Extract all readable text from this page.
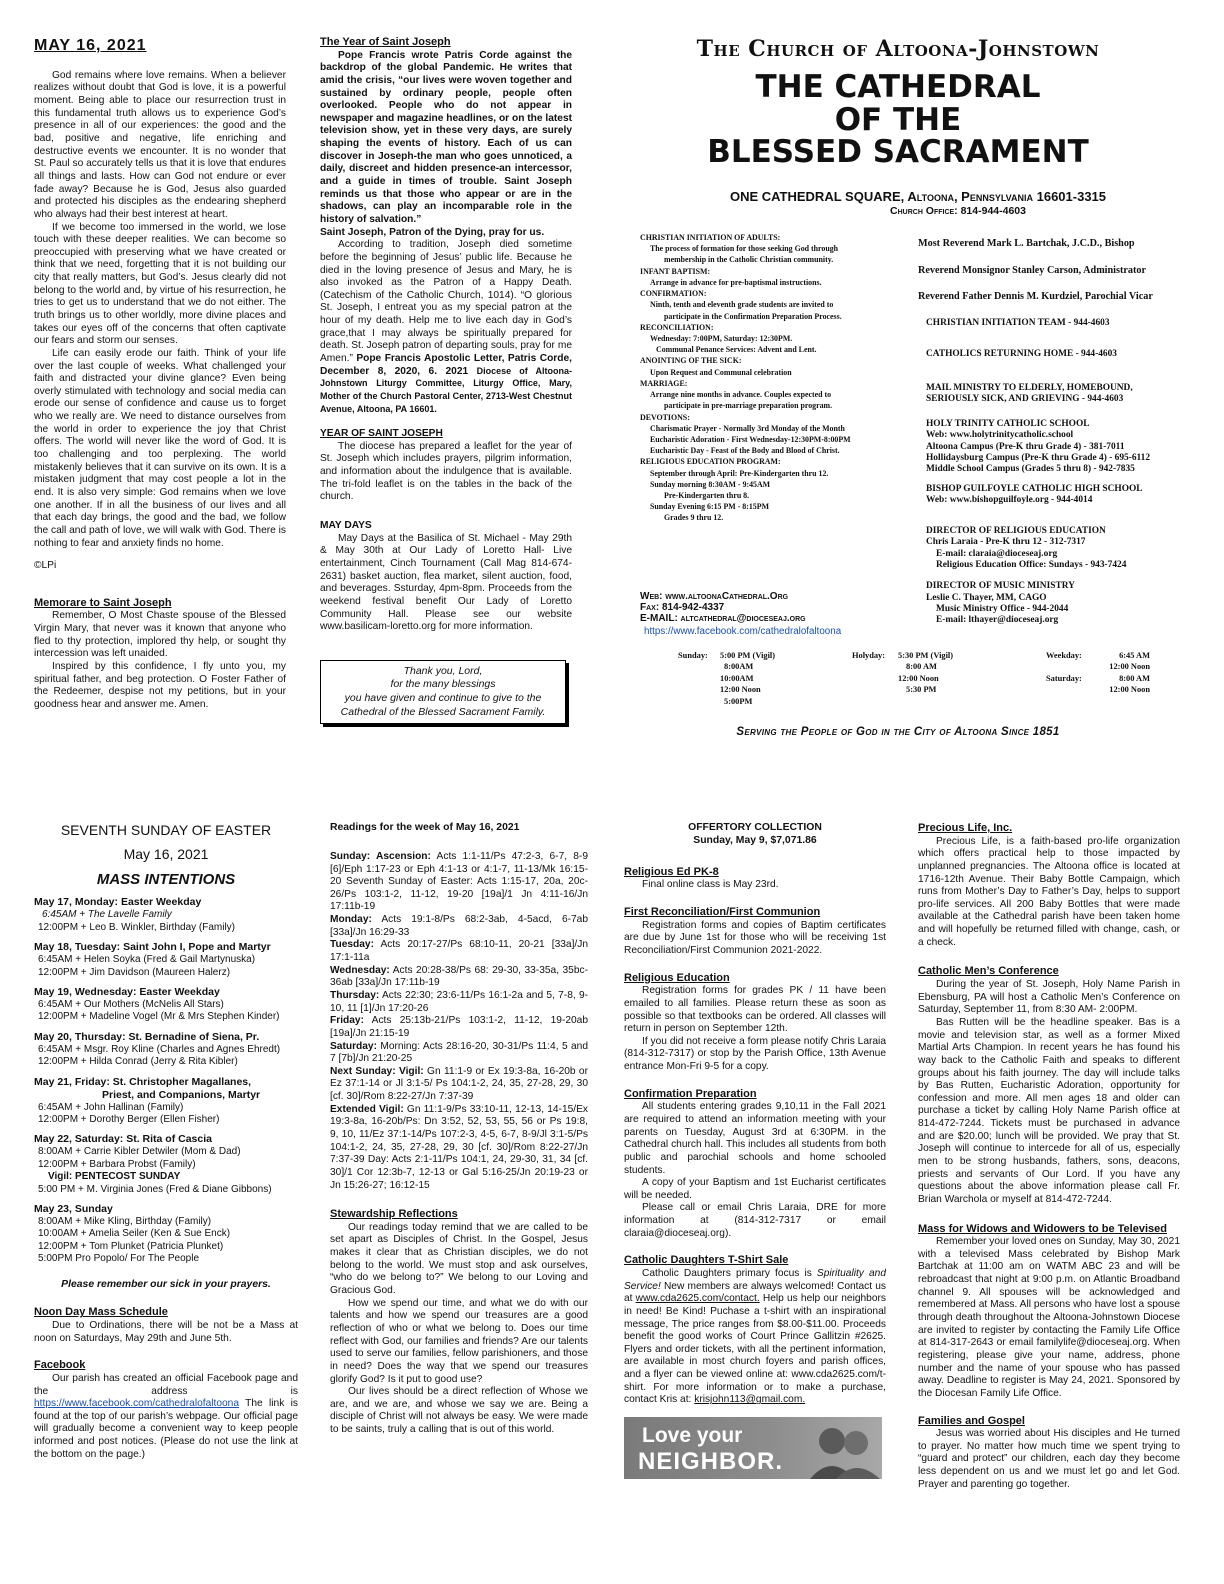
MAY 16, 2021

God remains where love remains. When a believer realizes without doubt that God is love, it is a powerful moment. Being able to place our resurrection trust in this fundamental truth allows us to experience God’s presence in all of our experiences: the good and the bad, positive and negative, life enriching and destructive events we encounter. It is no wonder that St. Paul so accurately tells us that it is love that endures all things and lasts. How can God not endure or ever fade away? Because he is God, Jesus also guarded and protected his disciples as the endearing shepherd who always had their best interest at heart.

If we become too immersed in the world, we lose touch with these deeper realities. We can become so preoccupied with preserving what we have created or think that we need, forgetting that it is not building our city that really matters, but God’s. Jesus clearly did not belong to the world and, by virtue of his resurrection, he tries to get us to understand that we do not either. The truth brings us to other worldly, more divine places and takes our eyes off of the concerns that often captivate our fears and storm our senses.

Life can easily erode our faith. Think of your life over the last couple of weeks. What challenged your faith and distracted your divine glance? Even being overly stimulated with technology and social media can erode our sense of confidence and cause us to forget who we really are. We need to distance ourselves from the world in order to experience the joy that Christ offers. The world will never like the word of God. It is too challenging and too perplexing. The world mistakenly believes that it can survive on its own. It is a mistaken judgment that may cost people a lot in the end. It is also very simple: God remains when we love one another. If in all the business of our lives and all that each day brings, the good and the bad, we follow the call and path of love, we will walk with God. There is nothing to fear and anxiety finds no home.

©LPi

Memorare to Saint Joseph

Remember, O Most Chaste spouse of the Blessed Virgin Mary, that never was it known that anyone who fled to thy protection, implored thy help, or sought thy intercession was left unaided.

Inspired by this confidence, I fly unto you, my spiritual father, and beg protection. O Foster Father of the Redeemer, despise not my petitions, but in your goodness hear and answer me. Amen.

The Year of Saint Joseph

Pope Francis wrote Patris Corde against the backdrop of the global Pandemic. He writes that amid the crisis, “our lives were woven together and sustained by ordinary people, people often overlooked. People who do not appear in newspaper and magazine headlines, or on the latest television show, yet in these very days, are surely shaping the events of history. Each of us can discover in Joseph-the man who goes unnoticed, a daily, discreet and hidden presence-an intercessor, and a guide in times of trouble. Saint Joseph reminds us that those who appear or are in the shadows, can play an incomparable role in the history of salvation.”

Saint Joseph, Patron of the Dying, pray for us.

According to tradition, Joseph died sometime before the beginning of Jesus’ public life. Because he died in the loving presence of Jesus and Mary, he is also invoked as the Patron of a Happy Death. (Catechism of the Catholic Church, 1014). “O glorious St. Joseph, I entreat you as my special patron at the hour of my death. Help me to live each day in God’s grace,that I may always be spiritually prepared for death. St. Joseph patron of departing souls, pray for me Amen.” Pope Francis Apostolic Letter, Patris Corde, December 8, 2020, 6. 2021 Diocese of Altoona-Johnstown Liturgy Committee, Liturgy Office, Mary, Mother of the Church Pastoral Center, 2713-West Chestnut Avenue, Altoona, PA 16601.

YEAR OF SAINT JOSEPH

The diocese has prepared a leaflet for the year of St. Joseph which includes prayers, pilgrim information, and information about the indulgence that is available. The tri-fold leaflet is on the tables in the back of the church.

MAY DAYS

May Days at the Basilica of St. Michael - May 29th & May 30th at Our Lady of Loretto Hall- Live entertainment, Cinch Tournament (Call Mag 814-674-2631) basket auction, flea market, silent auction, food, and beverages. Ssturday, 4pm-8pm. Proceeds from the weekend festival benefit Our Lady of Loretto Community Hall. Please see our website www.basilicam-loretto.org for more information.

Thank you, Lord,
for the many blessings
you have given and continue to give to the
Cathedral of the Blessed Sacrament Family.
The Church of Altoona-Johnstown
THE CATHEDRAL
OF THE
BLESSED SACRAMENT
ONE CATHEDRAL SQUARE, Altoona, Pennsylvania 16601-3315
Church Office: 814-944-4603
CHRISTIAN INITIATION OF ADULTS:
The process of formation for those seeking God through
membership in the Catholic Christian community.
INFANT BAPTISM:
Arrange in advance for pre-baptismal instructions.
CONFIRMATION:
Ninth, tenth and eleventh grade students are invited to
participate in the Confirmation Preparation Process.
RECONCILIATION:
Wednesday: 7:00PM, Saturday: 12:30PM.
Communal Penance Services: Advent and Lent.
ANOINTING OF THE SICK:
Upon Request and Communal celebration
MARRIAGE:
Arrange nine months in advance. Couples expected to
participate in pre-marriage preparation program.
DEVOTIONS:
Charismatic Prayer - Normally 3rd Monday of the Month
Eucharistic Adoration - First Wednesday-12:30PM-8:00PM
Eucharistic Day - Feast of the Body and Blood of Christ.
RELIGIOUS EDUCATION PROGRAM:
September through April: Pre-Kindergarten thru 12.
Sunday morning 8:30AM - 9:45AM
Pre-Kindergarten thru 8.
Sunday Evening 6:15 PM - 8:15PM
Grades 9 thru 12.
Web: www.altoonaCathedral.Org
Fax: 814-942-4337
E-MAIL: altcathedral@dioceseaj.org
https://www.facebook.com/cathedralofaltoona
Most Reverend Mark L. Bartchak, J.C.D., Bishop
Reverend Monsignor Stanley Carson, Administrator
Reverend Father Dennis M. Kurdziel, Parochial Vicar
CHRISTIAN INITIATION TEAM - 944-4603
CATHOLICS RETURNING HOME - 944-4603
MAIL MINISTRY TO ELDERLY, HOMEBOUND,
SERIOUSLY SICK, AND GRIEVING - 944-4603
HOLY TRINITY CATHOLIC SCHOOL
Web: www.holytrinitycatholic.school
Altoona Campus (Pre-K thru Grade 4) - 381-7011
Hollidaysburg Campus (Pre-K thru Grade 4) - 695-6112
Middle School Campus (Grades 5 thru 8) - 942-7835
BISHOP GUILFOYLE CATHOLIC HIGH SCHOOL
Web: www.bishopguilfoyle.org - 944-4014
DIRECTOR OF RELIGIOUS EDUCATION
Chris Laraia - Pre-K thru 12 - 312-7317
E-mail: claraia@dioceseaj.org
Religious Education Office: Sundays - 943-7424
DIRECTOR OF MUSIC MINISTRY
Leslie C. Thayer, MM, CAGO
Music Ministry Office - 944-2044
E-mail: lthayer@dioceseaj.org
Sunday: 5:00 PM (Vigil)
8:00AM
10:00AM
12:00 Noon
5:00PM
Holyday: 5:30 PM (Vigil)
8:00 AM
12:00 Noon
5:30 PM
Weekday:	6:45 AM
12:00 Noon
Saturday:	8:00 AM
12:00 Noon
Serving the People of God in the City of Altoona Since 1851
SEVENTH SUNDAY OF EASTER
May 16, 2021
MASS INTENTIONS
May 17, Monday: Easter Weekday
6:45AM + The Lavelle Family
12:00PM + Leo B. Winkler, Birthday (Family)
May 18, Tuesday: Saint John I, Pope and Martyr
6:45AM + Helen Soyka (Fred & Gail Martynuska)
12:00PM + Jim Davidson (Maureen Halerz)
May 19, Wednesday: Easter Weekday
6:45AM + Our Mothers (McNelis All Stars)
12:00PM + Madeline Vogel (Mr & Mrs Stephen Kinder)
May 20, Thursday: St. Bernadine of Siena, Pr.
6:45AM + Msgr. Roy Kline (Charles and Agnes Ehredt)
12:00PM + Hilda Conrad (Jerry & Rita Kibler)
May 21, Friday: St. Christopher Magallanes,
Priest, and Companions, Martyr
6:45AM + John Hallinan (Family)
12:00PM + Dorothy Berger (Ellen Fisher)
May 22, Saturday: St. Rita of Cascia
8:00AM + Carrie Kibler Detwiler (Mom & Dad)
12:00PM + Barbara Probst (Family)
Vigil: PENTECOST SUNDAY
5:00 PM + M. Virginia Jones (Fred & Diane Gibbons)
May 23, Sunday
8:00AM + Mike Kling, Birthday (Family)
10:00AM + Amelia Seiler (Ken & Sue Enck)
12:00PM + Tom Plunket (Patricia Plunket)
5:00PM Pro Popolo/ For The People
Please remember our sick in your prayers.
Noon Day Mass Schedule

Due to Ordinations, there will be not be a Mass at noon on Saturdays, May 29th and June 5th.

Facebook

Our parish has created an official Facebook page and the address is https://www.facebook.com/cathedralofaltoona The link is found at the top of our parish’s webpage. Our official page will gradually become a convenient way to keep people informed and post notices. (Please do not use the link at the bottom on the page.)

Readings for the week of May 16, 2021

Sunday: Ascension: Acts 1:1-11/Ps 47:2-3, 6-7, 8-9 [6]/Eph 1:17-23 or Eph 4:1-13 or 4:1-7, 11-13/Mk 16:15-20 Seventh Sunday of Easter: Acts 1:15-17, 20a, 20c-26/Ps 103:1-2, 11-12, 19-20 [19a]/1 Jn 4:11-16/Jn 17:11b-19

Monday: Acts 19:1-8/Ps 68:2-3ab, 4-5acd, 6-7ab [33a]/Jn 16:29-33

Tuesday: Acts 20:17-27/Ps 68:10-11, 20-21 [33a]/Jn 17:1-11a

Wednesday: Acts 20:28-38/Ps 68: 29-30, 33-35a, 35bc-36ab [33a]/Jn 17:11b-19

Thursday: Acts 22:30; 23:6-11/Ps 16:1-2a and 5, 7-8, 9-10, 11 [1]/Jn 17:20-26

Friday: Acts 25:13b-21/Ps 103:1-2, 11-12, 19-20ab [19a]/Jn 21:15-19

Saturday: Morning: Acts 28:16-20, 30-31/Ps 11:4, 5 and 7 [7b]/Jn 21:20-25

Next Sunday: Vigil: Gn 11:1-9 or Ex 19:3-8a, 16-20b or Ez 37:1-14 or Jl 3:1-5/ Ps 104:1-2, 24, 35, 27-28, 29, 30 [cf. 30]/Rom 8:22-27/Jn 7:37-39

Extended Vigil: Gn 11:1-9/Ps 33:10-11, 12-13, 14-15/Ex 19:3-8a, 16-20b/Ps: Dn 3:52, 52, 53, 55, 56 or Ps 19:8, 9, 10, 11/Ez 37:1-14/Ps 107:2-3, 4-5, 6-7, 8-9/Jl 3:1-5/Ps 104:1-2, 24, 35, 27-28, 29, 30 [cf. 30]/Rom 8:22-27/Jn 7:37-39 Day: Acts 2:1-11/Ps 104:1, 24, 29-30, 31, 34 [cf. 30]/1 Cor 12:3b-7, 12-13 or Gal 5:16-25/Jn 20:19-23 or Jn 15:26-27; 16:12-15

Stewardship Reflections

Our readings today remind that we are called to be set apart as Disciples of Christ. In the Gospel, Jesus makes it clear that as Christian disciples, we do not belong to the world. We must stop and ask ourselves, “who do we belong to?” We belong to our Loving and Gracious God.

How we spend our time, and what we do with our talents and how we spend our treasures are a good reflection of who or what we belong to. Does our time reflect with God, our families and friends? Are our talents used to serve our families, fellow parishioners, and those in need? Does the way that we spend our treasures glorify God? Is it put to good use?

Our lives should be a direct reflection of Whose we are, and we are, and whose we say we are. Being a disciple of Christ will not always be easy. We were made to be saints, truly a calling that is out of this world.

OFFERTORY COLLECTION
Sunday, May 9, $7,071.86
Religious Ed PK-8

Final online class is May 23rd.

First Reconciliation/First Communion

Registration forms and copies of Baptim certificates are due by June 1st for those who will be receiving 1st Reconciliation/First Communion 2021-2022.

Religious Education

Registration forms for grades PK / 11 have been emailed to all families. Please return these as soon as possible so that textbooks can be ordered. All classes will return in person on September 12th.

If you did not receive a form please notify Chris Laraia (814-312-7317) or stop by the Parish Office, 13th Avenue entrance Mon-Fri 9-5 for a copy.

Confirmation Preparation

All students entering grades 9,10,11 in the Fall 2021 are required to attend an information meeting with your parents on Tuesday, August 3rd at 6:30PM. in the Cathedral church hall. This includes all students from both public and parochial schools and home schooled students.

A copy of your Baptism and 1st Eucharist certificates will be needed.

Please call or email Chris Laraia, DRE for more information at (814-312-7317 or email claraia@dioceseaj.org).

Catholic Daughters T-Shirt Sale

Catholic Daughters primary focus is Spirituality and Service! New members are always welcomed! Contact us at www.cda2625.com/contact. Help us help our neighbors in need! Be Kind! Puchase a t-shirt with an inspirational message, The price ranges from $8.00-$11.00. Proceeds benefit the good works of Court Prince Gallitzin #2625. Flyers and order tickets, with all the pertinent information, are available in most church foyers and parish offices, and a flyer can be viewed online at: www.cda2625.com/t-shirt. For more information or to make a purchase, contact Kris at: krisjohn113@gmail.com.

Love your
NEIGHBOR.
Precious Life, Inc.

Precious Life, is a faith-based pro-life organization which offers practical help to those impacted by unplanned pregnancies. The Altoona office is located at 1716-12th Avenue. Their Baby Bottle Campaign, which runs from Mother’s Day to Father’s Day, helps to support pro-life services. All 200 Baby Bottles that were made available at the Cathedral parish have been taken home and will hopefully be returned filled with change, cash, or a check.

Catholic Men’s Conference

During the year of St. Joseph, Holy Name Parish in Ebensburg, PA will host a Catholic Men’s Conference on Saturday, September 11, from 8:30 AM- 2:00PM.

Bas Rutten will be the headline speaker. Bas is a movie and television star, as well as a former Mixed Martial Arts Champion. In recent years he has found his way back to the Catholic Faith and speaks to different groups about his faith journey. The day will include talks by Bas Rutten, Eucharistic Adoration, opportunity for confession and more. All men ages 18 and older can purchase a ticket by calling Holy Name Parish office at 814-472-7244. Tickets must be purchased in advance and are $20.00; lunch will be provided. We pray that St. Joseph will continue to intercede for all of us, especially men to be strong husbands, fathers, sons, deacons, priests and servants of Our Lord. If you have any questions about the above information please call Fr. Brian Warchola or myself at 814-472-7244.

Mass for Widows and Widowers to be Televised

Remember your loved ones on Sunday, May 30, 2021 with a televised Mass celebrated by Bishop Mark Bartchak at 11:00 am on WATM ABC 23 and will be rebroadcast that night at 9:00 p.m. on Atlantic Broadband channel 9. All spouses will be acknowledged and remembered at Mass. All persons who have lost a spouse through death throughout the Altoona-Johnstown Diocese are invited to register by contacting the Family Life Office at 814-317-2643 or email familylife@dioceseaj.org. When registering, please give your name, address, phone number and the name of your spouse who has passed away. Deadline to register is May 24, 2021. Sponsored by the Diocesan Family Life Office.

Families and Gospel

Jesus was worried about His disciples and He turned to prayer. No matter how much time we spent trying to “guard and protect” our children, each day they become less dependent on us and we must let go and let God. Prayer and parenting go together.
